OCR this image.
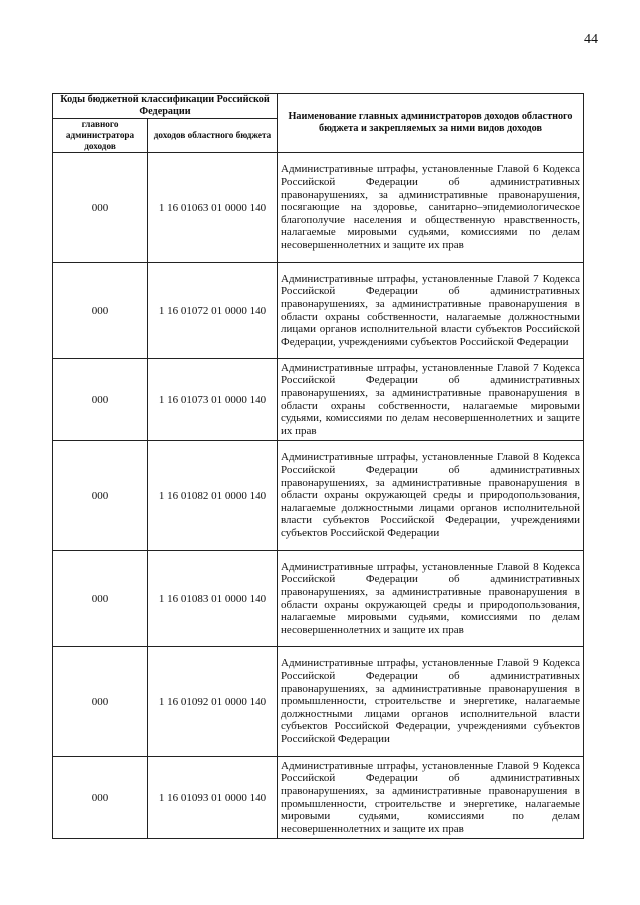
44
Коды бюджетной классификации Российской Федерации		Наименование главных администраторов доходов областного бюджета и закрепляемых за ними видов доходов
главного администратора доходов	доходов областного бюджета	
000	1 16 01063 01 0000 140	Административные штрафы, установленные Главой 6 Кодекса Российской Федерации об административных правонарушениях, за административные правонарушения, посягающие на здоровье, санитарно–эпидемиологическое благополучие населения и общественную нравственность, налагаемые мировыми судьями, комиссиями по делам несовершеннолетних и защите их прав
000	1 16 01072 01 0000 140	Административные штрафы, установленные Главой 7 Кодекса Российской Федерации об административных правонарушениях, за административные правонарушения в области охраны собственности, налагаемые должностными лицами органов исполнительной власти субъектов Российской Федерации, учреждениями субъектов Российской Федерации
000	1 16 01073 01 0000 140	Административные штрафы, установленные Главой 7 Кодекса Российской Федерации об административных правонарушениях, за административные правонарушения в области охраны собственности, налагаемые мировыми судьями, комиссиями по делам несовершеннолетних и защите их прав
000	1 16 01082 01 0000 140	Административные штрафы, установленные Главой 8 Кодекса Российской Федерации об административных правонарушениях, за административные правонарушения в области охраны окружающей среды и природопользования, налагаемые должностными лицами органов исполнительной власти субъектов Российской Федерации, учреждениями субъектов Российской Федерации
000	1 16 01083 01 0000 140	Административные штрафы, установленные Главой 8 Кодекса Российской Федерации об административных правонарушениях, за административные правонарушения в области охраны окружающей среды и природопользования, налагаемые мировыми судьями, комиссиями по делам несовершеннолетних и защите их прав
000	1 16 01092 01 0000 140	Административные штрафы, установленные Главой 9 Кодекса Российской Федерации об административных правонарушениях, за административные правонарушения в промышленности, строительстве и энергетике, налагаемые должностными лицами органов исполнительной власти субъектов Российской Федерации, учреждениями субъектов Российской Федерации
000	1 16 01093 01 0000 140	Административные штрафы, установленные Главой 9 Кодекса Российской Федерации об административных правонарушениях, за административные правонарушения в промышленности, строительстве и энергетике, налагаемые мировыми судьями, комиссиями по делам несовершеннолетних и защите их прав
